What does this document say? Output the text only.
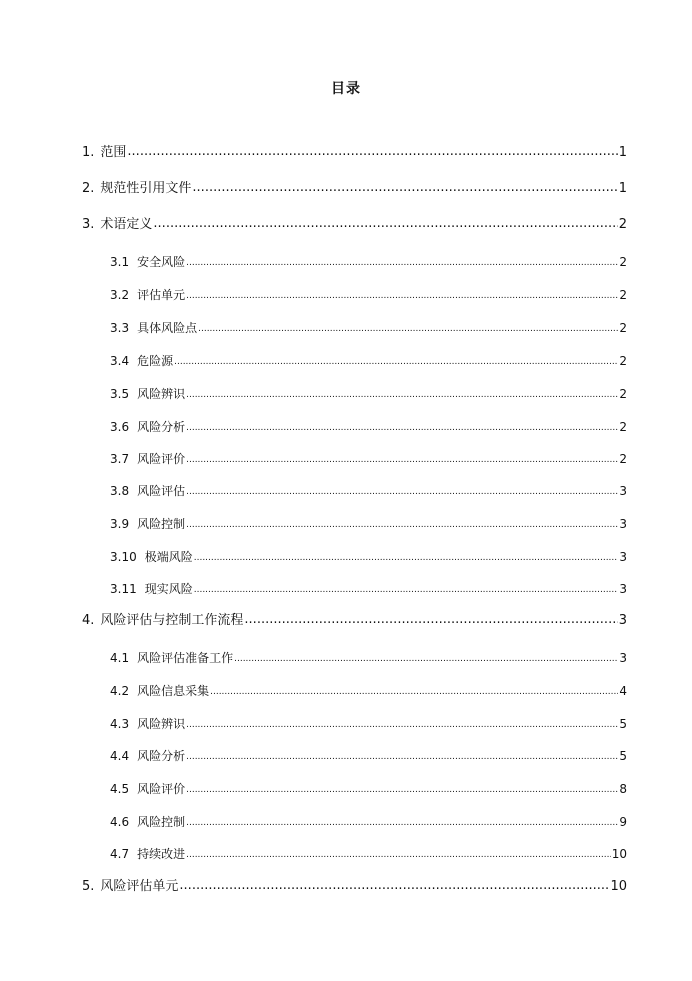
目录
1. 范围 .....	1
2. 规范性引用文件 .....	1
3. 术语定义 .....	2
3.1 安全风险 .....	2
3.2 评估单元 .....	2
3.3 具体风险点 .....	2
3.4 危险源 .....	2
3.5 风险辨识 .....	2
3.6 风险分析 .....	2
3.7 风险评价 .....	2
3.8 风险评估 .....	3
3.9 风险控制 .....	3
3.10 极端风险 .....	3
3.11 现实风险 .....	3
4. 风险评估与控制工作流程 .....	3
4.1 风险评估准备工作 .....	3
4.2 风险信息采集 .....	4
4.3 风险辨识 .....	5
4.4 风险分析 .....	5
4.5 风险评价 .....	8
4.6 风险控制 .....	9
4.7 持续改进 .....	10
5. 风险评估单元 .....	10
